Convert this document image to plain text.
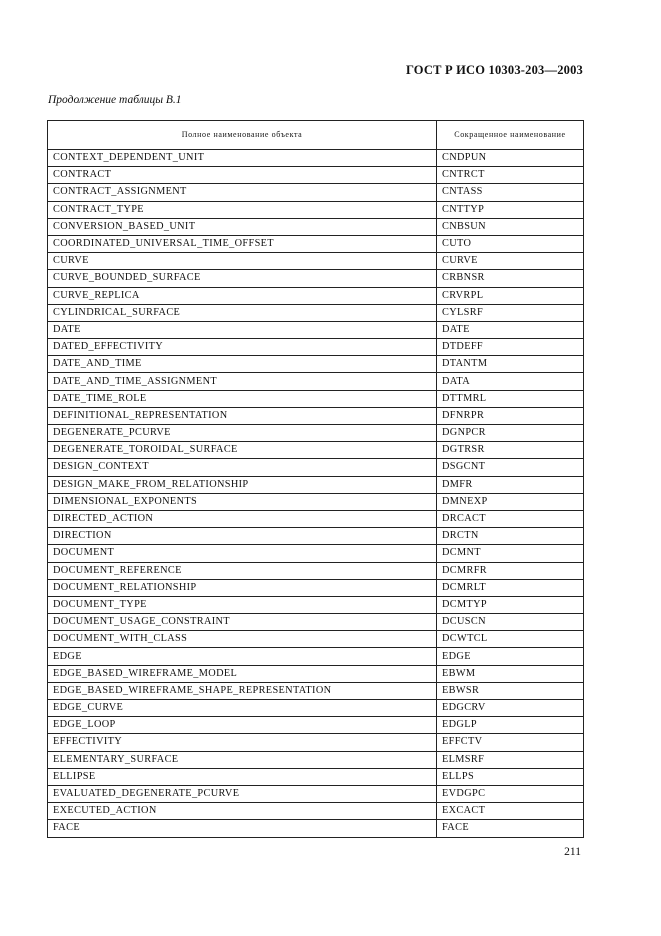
ГОСТ Р ИСО 10303-203—2003
Продолжение таблицы В.1
Полное наименование объекта	Сокращенное наименование
CONTEXT_DEPENDENT_UNIT	CNDPUN
CONTRACT	CNTRCT
CONTRACT_ASSIGNMENT	CNTASS
CONTRACT_TYPE	CNTTYP
CONVERSION_BASED_UNIT	CNBSUN
COORDINATED_UNIVERSAL_TIME_OFFSET	CUTO
CURVE	CURVE
CURVE_BOUNDED_SURFACE	CRBNSR
CURVE_REPLICA	CRVRPL
CYLINDRICAL_SURFACE	CYLSRF
DATE	DATE
DATED_EFFECTIVITY	DTDEFF
DATE_AND_TIME	DTANTM
DATE_AND_TIME_ASSIGNMENT	DATA
DATE_TIME_ROLE	DTTMRL
DEFINITIONAL_REPRESENTATION	DFNRPR
DEGENERATE_PCURVE	DGNPCR
DEGENERATE_TOROIDAL_SURFACE	DGTRSR
DESIGN_CONTEXT	DSGCNT
DESIGN_MAKE_FROM_RELATIONSHIP	DMFR
DIMENSIONAL_EXPONENTS	DMNEXP
DIRECTED_ACTION	DRCACT
DIRECTION	DRCTN
DOCUMENT	DCMNT
DOCUMENT_REFERENCE	DCMRFR
DOCUMENT_RELATIONSHIP	DCMRLT
DOCUMENT_TYPE	DCMTYP
DOCUMENT_USAGE_CONSTRAINT	DCUSCN
DOCUMENT_WITH_CLASS	DCWTCL
EDGE	EDGE
EDGE_BASED_WIREFRAME_MODEL	EBWM
EDGE_BASED_WIREFRAME_SHAPE_REPRESENTATION	EBWSR
EDGE_CURVE	EDGCRV
EDGE_LOOP	EDGLP
EFFECTIVITY	EFFCTV
ELEMENTARY_SURFACE	ELMSRF
ELLIPSE	ELLPS
EVALUATED_DEGENERATE_PCURVE	EVDGPC
EXECUTED_ACTION	EXCACT
FACE	FACE
211
